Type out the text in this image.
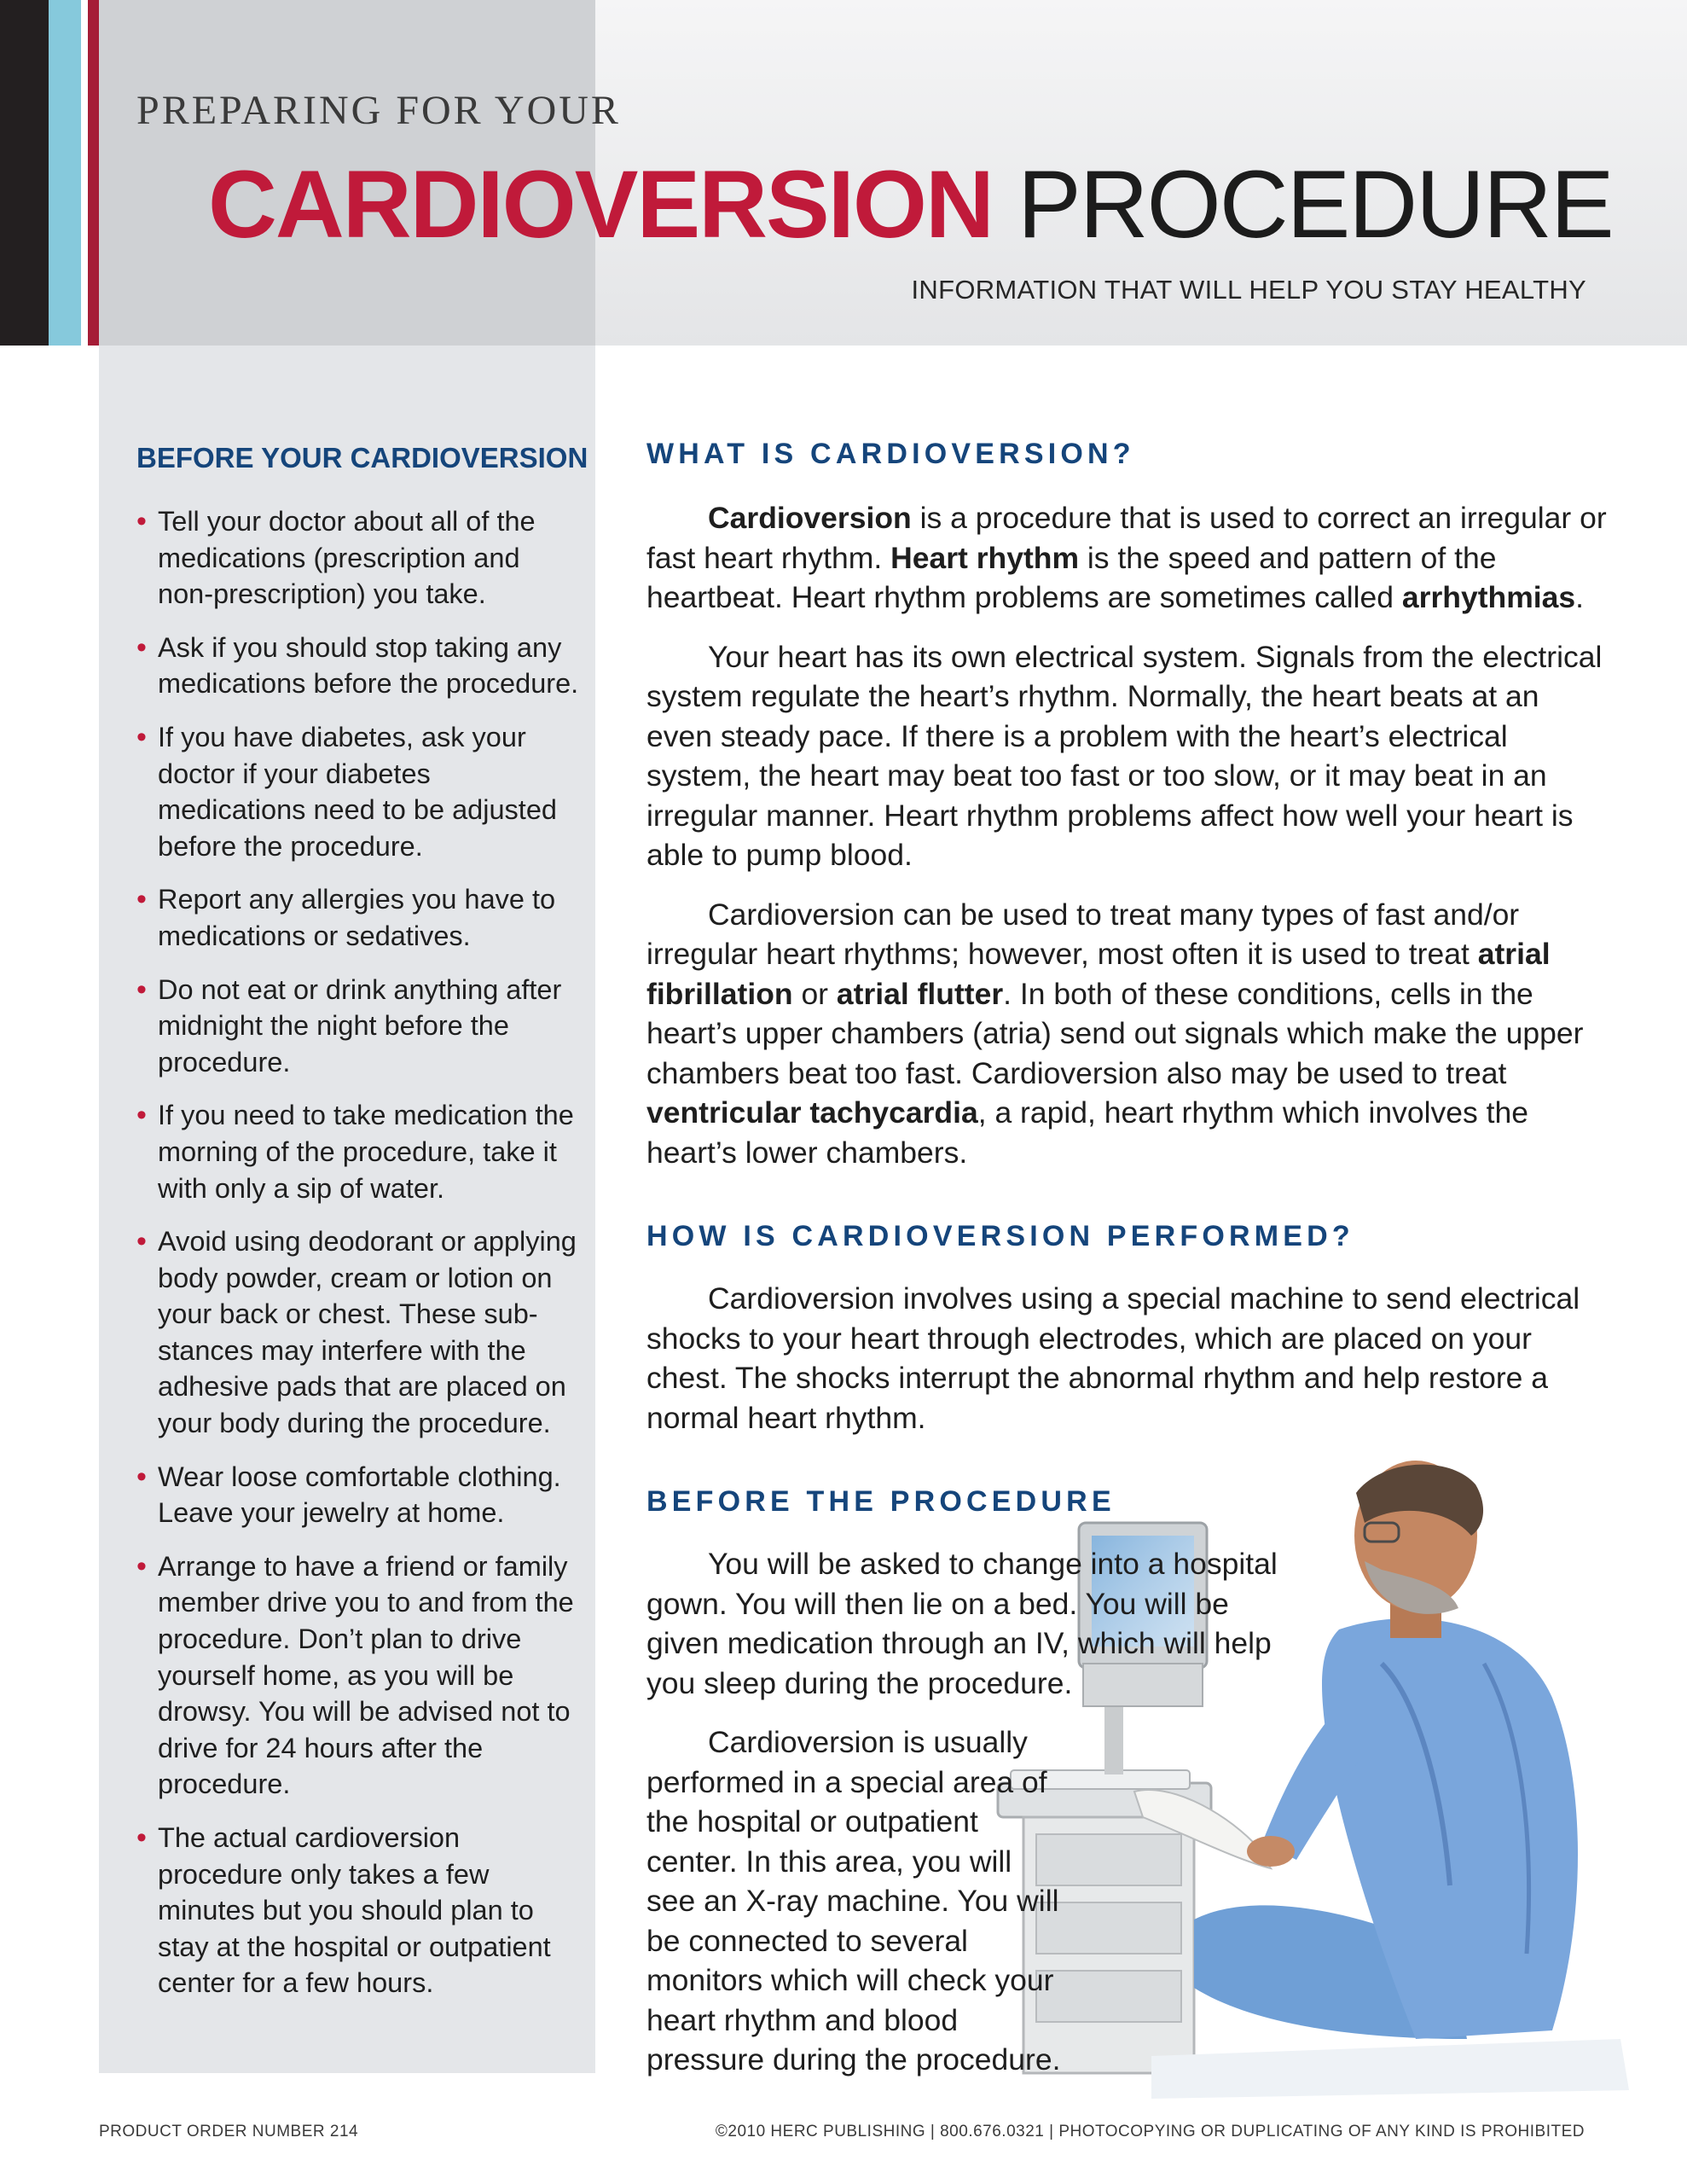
PREPARING FOR YOUR
CARDIOVERSION PROCEDURE
INFORMATION THAT WILL HELP YOU STAY HEALTHY
BEFORE YOUR CARDIOVERSION
• Tell your doctor about all of the medications (prescription and non-prescription) you take.
• Ask if you should stop taking any medications before the procedure.
• If you have diabetes, ask your doctor if your diabetes medications need to be adjusted before the procedure.
• Report any allergies you have to medications or sedatives.
• Do not eat or drink anything after midnight the night before the procedure.
• If you need to take medication the morning of the procedure, take it with only a sip of water.
• Avoid using deodorant or applying body powder, cream or lotion on your back or chest. These sub-stances may interfere with the adhesive pads that are placed on your body during the procedure.
• Wear loose comfortable clothing. Leave your jewelry at home.
• Arrange to have a friend or family member drive you to and from the procedure. Don’t plan to drive yourself home, as you will be drowsy. You will be advised not to drive for 24 hours after the procedure.
• The actual cardioversion procedure only takes a few minutes but you should plan to stay at the hospital or outpatient center for a few hours.
WHAT IS CARDIOVERSION?

Cardioversion is a procedure that is used to correct an irregular or fast heart rhythm. Heart rhythm is the speed and pattern of the heartbeat. Heart rhythm problems are sometimes called arrhythmias.

Your heart has its own electrical system. Signals from the electrical system regulate the heart’s rhythm. Normally, the heart beats at an even steady pace. If there is a problem with the heart’s electrical system, the heart may beat too fast or too slow, or it may beat in an irregular manner. Heart rhythm problems affect how well your heart is able to pump blood.

Cardioversion can be used to treat many types of fast and/or irregular heart rhythms; however, most often it is used to treat atrial fibrillation or atrial flutter. In both of these conditions, cells in the heart’s upper chambers (atria) send out signals which make the upper chambers beat too fast. Cardioversion also may be used to treat ventricular tachycardia, a rapid, heart rhythm which involves the heart’s lower chambers.

HOW IS CARDIOVERSION PERFORMED?

Cardioversion involves using a special machine to send electrical shocks to your heart through electrodes, which are placed on your chest. The shocks interrupt the abnormal rhythm and help restore a normal heart rhythm.

BEFORE THE PROCEDURE

You will be asked to change into a hospital gown. You will then lie on a bed. You will be given medication through an IV, which will help you sleep during the procedure.

Cardioversion is usually performed in a special area of the hospital or outpatient center. In this area, you will see an X-ray machine. You will be connected to several monitors which will check your heart rhythm and blood pressure during the procedure.

PRODUCT ORDER NUMBER 214	©2010 HERC PUBLISHING | 800.676.0321 | PHOTOCOPYING OR DUPLICATING OF ANY KIND IS PROHIBITED
